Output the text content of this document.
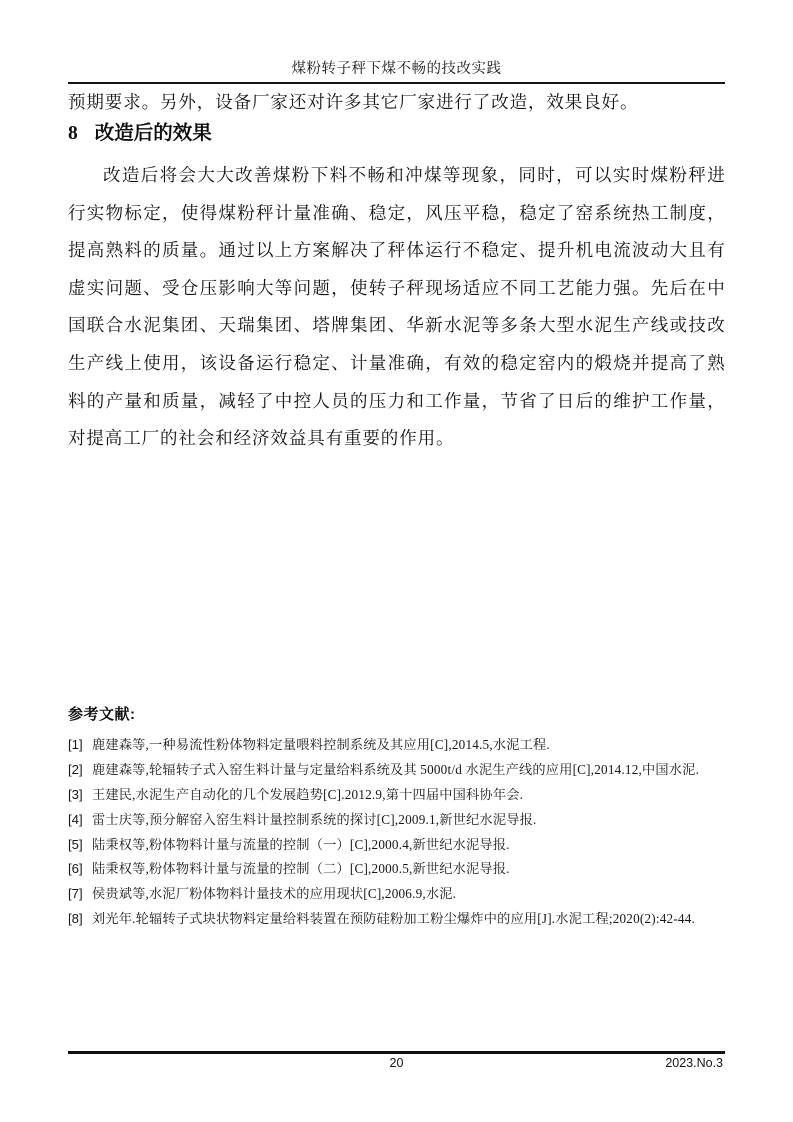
煤粉转子秤下煤不畅的技改实践
预期要求。另外，设备厂家还对许多其它厂家进行了改造，效果良好。
8 改造后的效果
改造后将会大大改善煤粉下料不畅和冲煤等现象，同时，可以实时煤粉秤进
行实物标定，使得煤粉秤计量准确、稳定，风压平稳，稳定了窑系统热工制度，
提高熟料的质量。通过以上方案解决了秤体运行不稳定、提升机电流波动大且有
虚实问题、受仓压影响大等问题，使转子秤现场适应不同工艺能力强。先后在中
国联合水泥集团、天瑞集团、塔牌集团、华新水泥等多条大型水泥生产线或技改
生产线上使用，该设备运行稳定、计量准确，有效的稳定窑内的煅烧并提高了熟
料的产量和质量，减轻了中控人员的压力和工作量，节省了日后的维护工作量，
对提高工厂的社会和经济效益具有重要的作用。
参考文献:
[1] 鹿建森等,一种易流性粉体物料定量喂料控制系统及其应用[C],2014.5,水泥工程.
[2] 鹿建森等,轮辐转子式入窑生料计量与定量给料系统及其 5000t/d 水泥生产线的应用[C],2014.12,中国水泥.
[3] 王建民,水泥生产自动化的几个发展趋势[C].2012.9,第十四届中国科协年会.
[4] 雷士庆等,预分解窑入窑生料计量控制系统的探讨[C],2009.1,新世纪水泥导报.
[5] 陆秉权等,粉体物料计量与流量的控制（一）[C],2000.4,新世纪水泥导报.
[6] 陆秉权等,粉体物料计量与流量的控制（二）[C],2000.5,新世纪水泥导报.
[7] 侯贵斌等,水泥厂粉体物料计量技术的应用现状[C],2006.9,水泥.
[8] 刘光年.轮辐转子式块状物料定量给料装置在预防硅粉加工粉尘爆炸中的应用[J].水泥工程;2020(2):42-44.
20	2023.No.3
